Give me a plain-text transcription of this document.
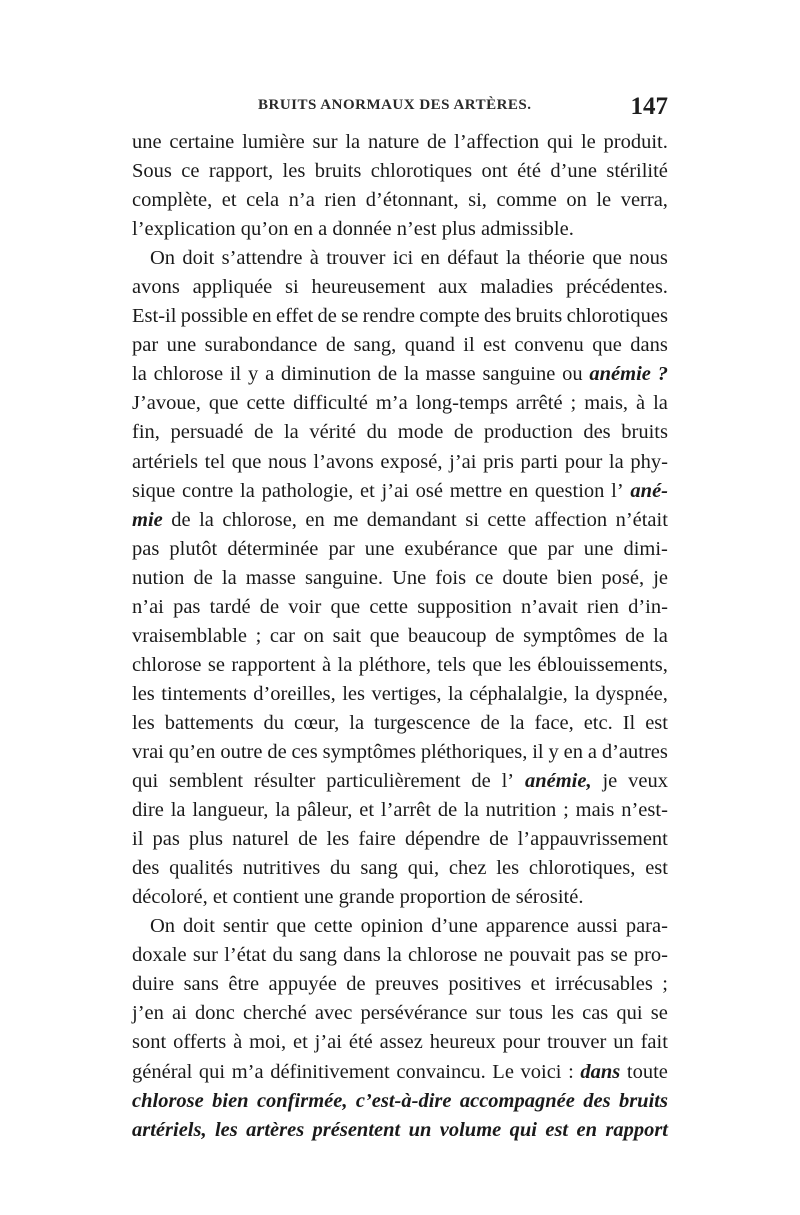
BRUITS ANORMAUX DES ARTÈRES.	147
une certaine lumière sur la nature de l’affection qui le produit.
Sous ce rapport, les bruits chlorotiques ont été d’une stérilité
complète, et cela n’a rien d’étonnant, si, comme on le verra,
l’explication
qu’on
en
a
donnée
n’est
plus
admissible.

On doit s’attendre à trouver ici en défaut la théorie que nous
avons appliquée si heureusement aux maladies précédentes.
Est-il possible en effet de se rendre compte des bruits chlorotiques
par une surabondance de sang, quand il est convenu que dans
la chlorose il y a diminution de la masse sanguine ou anémie ?
J’avoue, que cette difficulté m’a long-temps arrêté ; mais, à la
fin, persuadé de la vérité du mode de production des bruits
artériels tel que nous l’avons exposé, j’ai pris parti pour la phy-
sique contre la pathologie, et j’ai osé mettre en question l’ ané-
mie de la chlorose, en me demandant si cette affection n’était
pas plutôt déterminée par une exubérance que par une dimi-
nution de la masse sanguine. Une fois ce doute bien posé, je
n’ai pas tardé de voir que cette supposition n’avait rien d’in-
vraisemblable ; car on sait que beaucoup de symptômes de la
chlorose se rapportent à la pléthore, tels que les éblouissements,
les tintements d’oreilles, les vertiges, la céphalalgie, la dyspnée,
les battements du cœur, la turgescence de la face, etc. Il est
vrai qu’en outre de ces symptômes pléthoriques, il y en a d’autres
qui semblent résulter particulièrement de l’ anémie, je veux
dire la langueur, la pâleur, et l’arrêt de la nutrition ; mais n’est-
il pas plus naturel de les faire dépendre de l’appauvrissement
des qualités nutritives du sang qui, chez les chlorotiques, est
décoloré,
et
contient
une
grande
proportion
de
sérosité.

On doit sentir que cette opinion d’une apparence aussi para-
doxale sur l’état du sang dans la chlorose ne pouvait pas se pro-
duire sans être appuyée de preuves positives et irrécusables ;
j’en ai donc cherché avec persévérance sur tous les cas qui se
sont offerts à moi, et j’ai été assez heureux pour trouver un fait
général qui m’a définitivement convaincu. Le voici : dans toute
chlorose bien confirmée, c’est-à-dire accompagnée des bruits
artériels, les artères présentent un volume qui est en rapport
